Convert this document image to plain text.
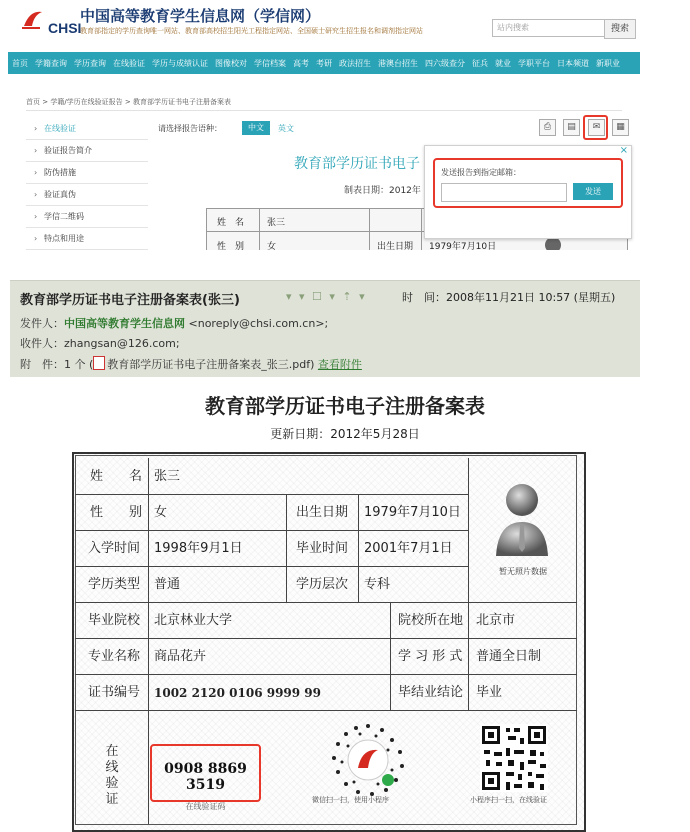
CHSI
中国高等教育学生信息网（学信网）
教育部指定的学历查询唯一网站、教育部高校招生阳光工程指定网站、全国硕士研究生招生报名和调剂指定网站	站内搜索	搜索
首页 学籍查询 学历查询 在线验证 学历与成绩认证 图像校对 学信档案 高考 考研 政法招生 港澳台招生 四六级查分 征兵 就业 学职平台 日本频道 新职业
首页 > 学籍/学历在线验证报告 > 教育部学历证书电子注册备案表
› 在线验证
› 验证报告简介
› 防伪措施
› 验证真伪
› 学信二维码
› 特点和用途
请选择报告语种：	中文	英文	⎙	▤	✉	▦
教育部学历证书电子
制表日期：2012年
姓　名	张三
性　别	女	出生日期 1979年7月10日
×
发送报告到指定邮箱：
发送
教育部学历证书电子注册备案表(张三)	▾ ▾ ☐ ▾ ⇡ ▾	时　间：2008年11月21日 10:57 (星期五)
发件人：中国高等教育学生信息网 <noreply@chsi.com.cn>;
收件人：zhangsan@126.com;
附　件：1 个 ( 教育部学历证书电子注册备案表_张三.pdf) 查看附件
教育部学历证书电子注册备案表
更新日期：2012年5月28日
姓　　名 张三
性　　别 女	出生日期 1979年7月10日
入学时间 1998年9月1日	毕业时间 2001年7月1日
学历类型 普通	学历层次 专科
暂无照片数据
毕业院校 北京林业大学	院校所在地 北京市
专业名称 商品花卉	学 习 形 式 普通全日制
证书编号 1002 2120 0106 9999 99	毕结业结论 毕业
在线验证
0908 8869 3519
在线验证码
微信扫一扫，使用小程序	小程序扫一扫，在线验证
